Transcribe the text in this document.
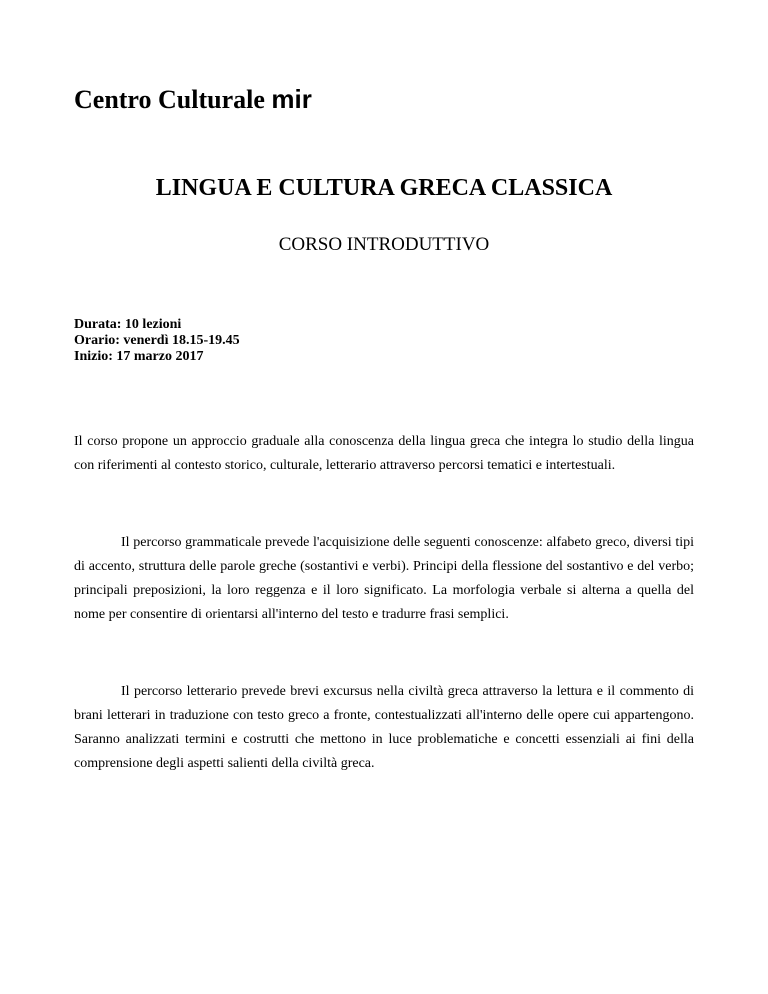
Centro Culturale mir
LINGUA E CULTURA GRECA CLASSICA
CORSO INTRODUTTIVO
Durata: 10 lezioni
Orario: venerdì 18.15-19.45
Inizio: 17 marzo 2017

Il corso propone un approccio graduale alla conoscenza della lingua greca che integra lo studio della lingua con riferimenti al contesto storico, culturale, letterario attraverso percorsi tematici e intertestuali.

Il percorso grammaticale prevede l'acquisizione delle seguenti conoscenze: alfabeto greco, diversi tipi di accento, struttura delle parole greche (sostantivi e verbi). Principi della flessione del sostantivo e del verbo; principali preposizioni, la loro reggenza e il loro significato. La morfologia verbale si alterna a quella del nome per consentire di orientarsi all'interno del testo e tradurre frasi semplici.

Il percorso letterario prevede brevi excursus nella civiltà greca attraverso la lettura e il commento di brani letterari in traduzione con testo greco a fronte, contestualizzati all'interno delle opere cui appartengono. Saranno analizzati termini e costrutti che mettono in luce problematiche e concetti essenziali ai fini della comprensione degli aspetti salienti della civiltà greca.
